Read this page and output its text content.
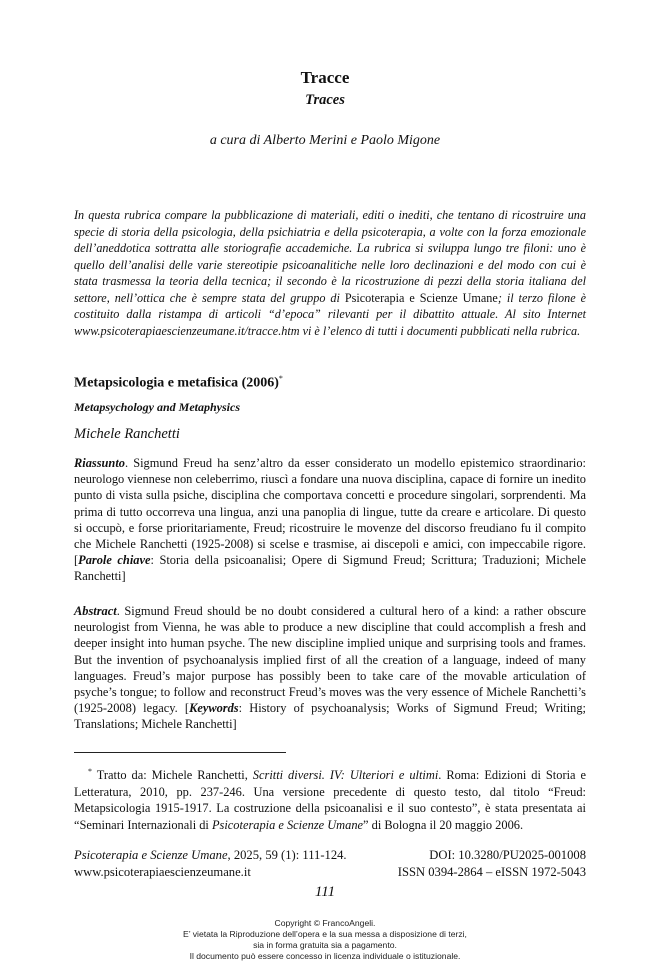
Tracce
Traces
a cura di Alberto Merini e Paolo Migone
In questa rubrica compare la pubblicazione di materiali, editi o inediti, che tentano di ricostruire una specie di storia della psicologia, della psichiatria e della psicoterapia, a volte con la forza emozionale dell’aneddotica sottratta alle storiografie accademiche. La rubrica si sviluppa lungo tre filoni: uno è quello dell’analisi delle varie stereotipie psicoanalitiche nelle loro declinazioni e del modo con cui è stata trasmessa la teoria della tecnica; il secondo è la ricostruzione di pezzi della storia italiana del settore, nell’ottica che è sempre stata del gruppo di Psicoterapia e Scienze Umane; il terzo filone è costituito dalla ristampa di articoli “d’epoca” rilevanti per il dibattito attuale. Al sito Internet www.psicoterapiaescienzeumane.it/tracce.htm vi è l’elenco di tutti i documenti pubblicati nella rubrica.
Metapsicologia e metafisica (2006)*
Metapsychology and Metaphysics
Michele Ranchetti
Riassunto. Sigmund Freud ha senz’altro da esser considerato un modello epistemico straordinario: neurologo viennese non celeberrimo, riuscì a fondare una nuova disciplina, capace di fornire un inedito punto di vista sulla psiche, disciplina che comportava concetti e procedure singolari, sorprendenti. Ma prima di tutto occorreva una lingua, anzi una panoplia di lingue, tutte da creare e articolare. Di questo si occupò, e forse prioritariamente, Freud; ricostruire le movenze del discorso freudiano fu il compito che Michele Ranchetti (1925-2008) si scelse e trasmise, ai discepoli e amici, con impeccabile rigore. [Parole chiave: Storia della psicoanalisi; Opere di Sigmund Freud; Scrittura; Traduzioni; Michele Ranchetti]
Abstract. Sigmund Freud should be no doubt considered a cultural hero of a kind: a rather obscure neurologist from Vienna, he was able to produce a new discipline that could accomplish a fresh and deeper insight into human psyche. The new discipline implied unique and surprising tools and frames. But the invention of psychoanalysis implied first of all the creation of a language, indeed of many languages. Freud’s major purpose has possibly been to take care of the movable articulation of psyche’s tongue; to follow and reconstruct Freud’s moves was the very essence of Michele Ranchetti’s (1925-2008) legacy. [Keywords: History of psychoanalysis; Works of Sigmund Freud; Writing; Translations; Michele Ranchetti]
* Tratto da: Michele Ranchetti, Scritti diversi. IV: Ulteriori e ultimi. Roma: Edizioni di Storia e Letteratura, 2010, pp. 237-246. Una versione precedente di questo testo, dal titolo “Freud: Metapsicologia 1915-1917. La costruzione della psicoanalisi e il suo contesto”, è stata presentata ai “Seminari Internazionali di Psicoterapia e Scienze Umane” di Bologna il 20 maggio 2006.
Psicoterapia e Scienze Umane, 2025, 59 (1): 111-124.	DOI: 10.3280/PU2025-001008
www.psicoterapiaescienzeumane.it	ISSN 0394-2864 – eISSN 1972-5043
111
Copyright © FrancoAngeli.
E’ vietata la Riproduzione dell’opera e la sua messa a disposizione di terzi,
sia in forma gratuita sia a pagamento.
Il documento può essere concesso in licenza individuale o istituzionale.
